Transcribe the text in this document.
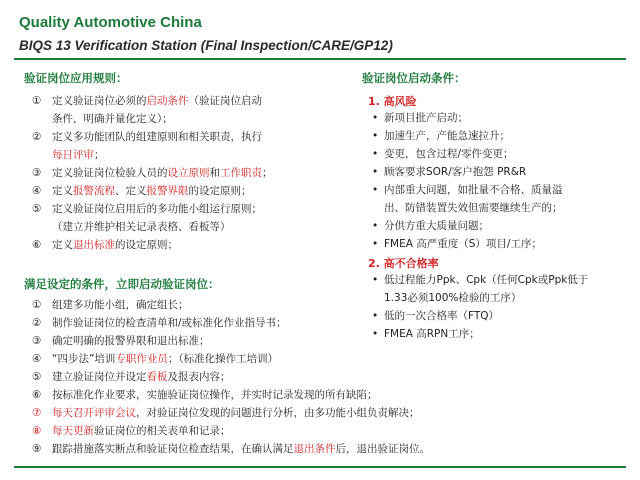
Quality Automotive China
BIQS 13 Verification Station (Final Inspection/CARE/GP12)
验证岗位应用规则：
①	定义验证岗位必须的启动条件（验证岗位启动
条件，明确并量化定义）；
②	定义多功能团队的组建原则和相关职责，执行
每日评审；
③	定义验证岗位检验人员的设立原则和工作职责；
④	定义报警流程、定义报警界限的设定原则；
⑤	定义验证岗位启用后的多功能小组运行原则；
（建立并维护相关记录表格、看板等）
⑥	定义退出标准的设定原则；
验证岗位启动条件：
1. 高风险
• 新项目批产启动；
• 加速生产，产能急速拉升；
• 变更，包含过程/零件变更；
• 顾客要求SOR/客户抱怨 PR&R
• 内部重大问题，如批量不合格、质量溢
出、防错装置失效但需要继续生产的；
• 分供方重大质量问题；
• FMEA 高严重度（S）项目/工序；
2. 高不合格率
• 低过程能力Ppk、Cpk（任何Cpk或Ppk低于
1.33必须100%检验的工序）
• 低的一次合格率（FTQ）
• FMEA 高RPN工序；
满足设定的条件，立即启动验证岗位：
①	组建多功能小组，确定组长；
②	制作验证岗位的检查清单和/或标准化作业指导书；
③	确定明确的报警界限和退出标准；
④	“四步法”培训专职作业员；（标准化操作工培训）
⑤	建立验证岗位并设定看板及报表内容；
⑥	按标准化作业要求，实施验证岗位操作，并实时记录发现的所有缺陷；
⑦	每天召开评审会议，对验证岗位发现的问题进行分析，由多功能小组负责解决；
⑧	每天更新验证岗位的相关表单和记录；
⑨	跟踪措施落实断点和验证岗位检查结果，在确认满足退出条件后，退出验证岗位。
